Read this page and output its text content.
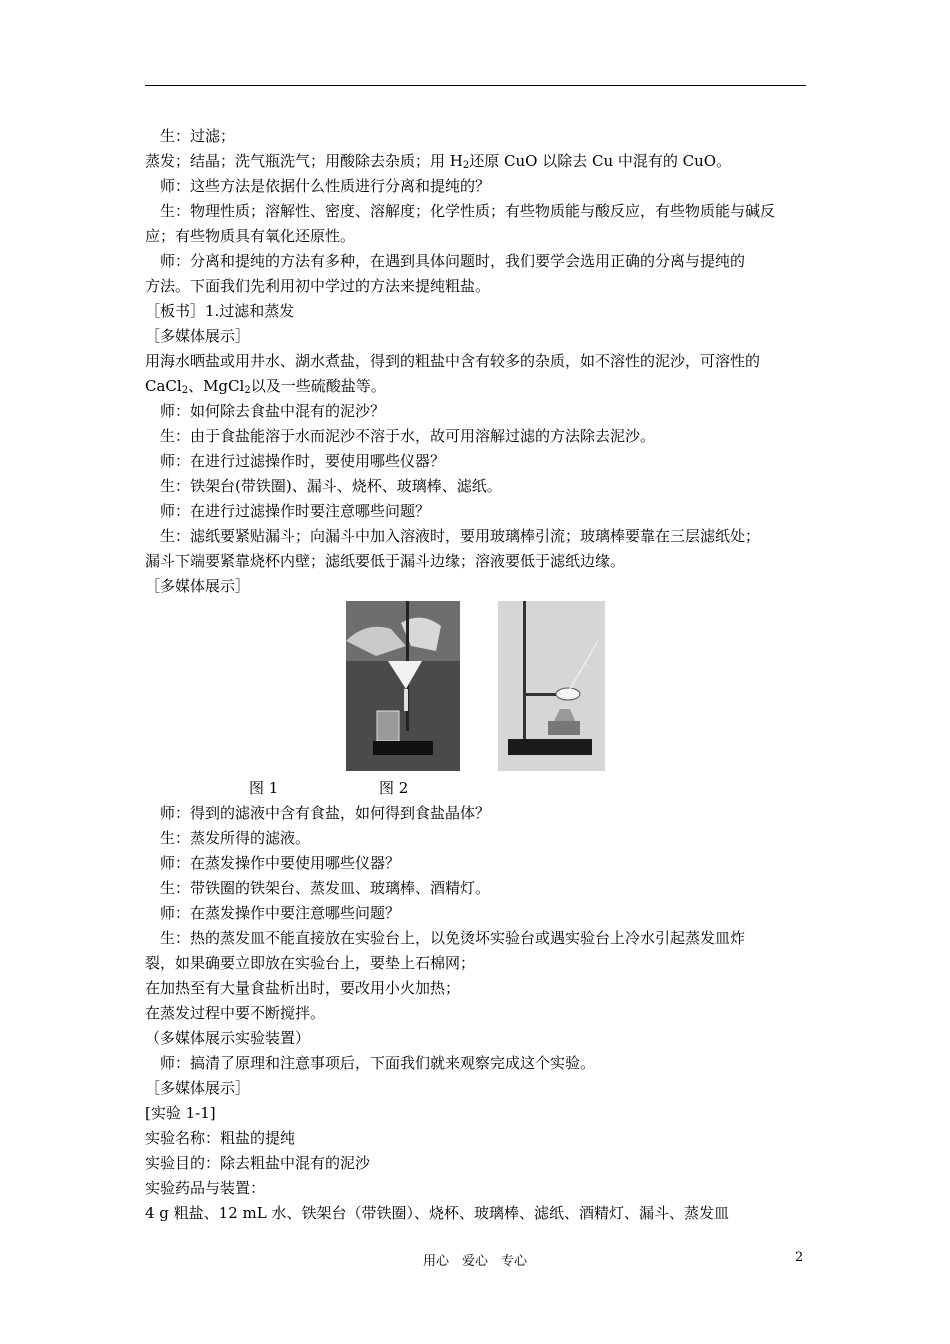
生：过滤；
蒸发；结晶；洗气瓶洗气；用酸除去杂质；用 $H_2$还原 CuO 以除去 Cu 中混有的 CuO。
师：这些方法是依据什么性质进行分离和提纯的？
生：物理性质；溶解性、密度、溶解度；化学性质；有些物质能与酸反应，有些物质能与碱反
应；有些物质具有氧化还原性。
师：分离和提纯的方法有多种，在遇到具体问题时，我们要学会选用正确的分离与提纯的
方法。下面我们先利用初中学过的方法来提纯粗盐。
［板书］1.过滤和蒸发
［多媒体展示］
用海水晒盐或用井水、湖水煮盐，得到的粗盐中含有较多的杂质，如不溶性的泥沙，可溶性的
CaCl$_2$、MgCl$_2$以及一些硫酸盐等。
师：如何除去食盐中混有的泥沙？
生：由于食盐能溶于水而泥沙不溶于水，故可用溶解过滤的方法除去泥沙。
师：在进行过滤操作时，要使用哪些仪器？
生：铁架台(带铁圈)、漏斗、烧杯、玻璃棒、滤纸。
师：在进行过滤操作时要注意哪些问题？
生：滤纸要紧贴漏斗；向漏斗中加入溶液时，要用玻璃棒引流；玻璃棒要靠在三层滤纸处；
漏斗下端要紧靠烧杯内壁；滤纸要低于漏斗边缘；溶液要低于滤纸边缘。
［多媒体展示］
图 1	图 2
师：得到的滤液中含有食盐，如何得到食盐晶体？
生：蒸发所得的滤液。
师：在蒸发操作中要使用哪些仪器？
生：带铁圈的铁架台、蒸发皿、玻璃棒、酒精灯。
师：在蒸发操作中要注意哪些问题？
生：热的蒸发皿不能直接放在实验台上，以免烫坏实验台或遇实验台上冷水引起蒸发皿炸
裂，如果确要立即放在实验台上，要垫上石棉网；
在加热至有大量食盐析出时，要改用小火加热；
在蒸发过程中要不断搅拌。
（多媒体展示实验装置）
师：搞清了原理和注意事项后，下面我们就来观察完成这个实验。
［多媒体展示］
[实验 1-1]
实验名称：粗盐的提纯
实验目的：除去粗盐中混有的泥沙
实验药品与装置：
4 g 粗盐、12 mL 水、铁架台（带铁圈）、烧杯、玻璃棒、滤纸、酒精灯、漏斗、蒸发皿
用心　爱心　专心	2
